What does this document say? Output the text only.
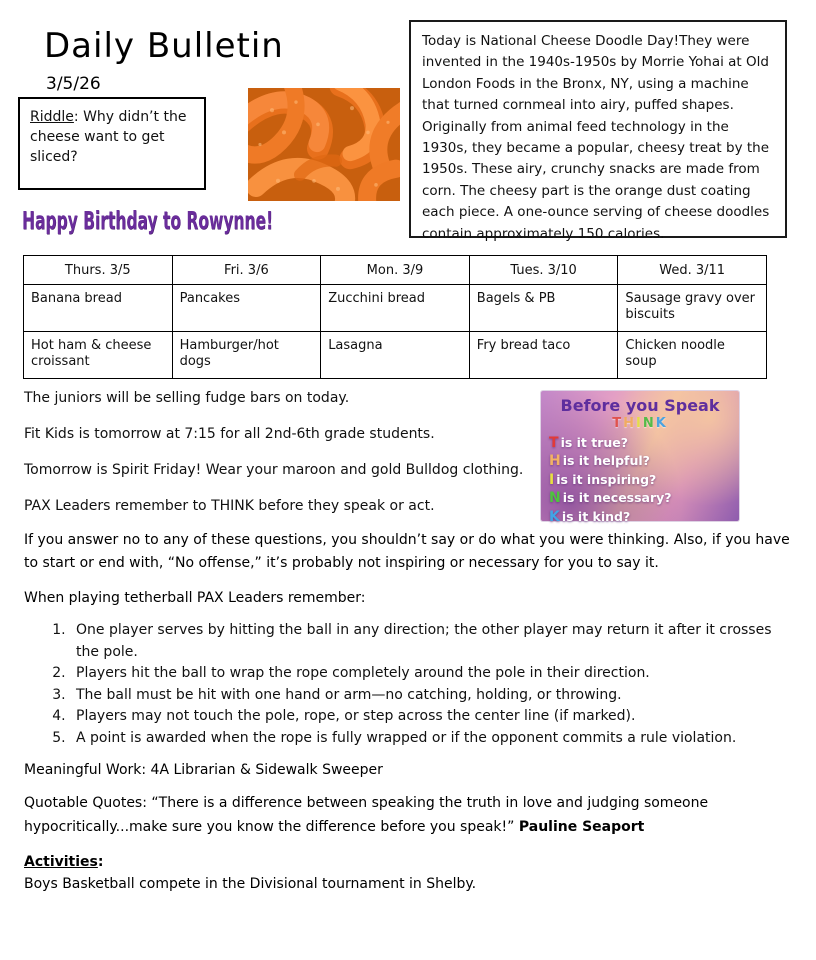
Daily Bulletin
3/5/26
Riddle: Why didn’t the cheese want to get sliced?
Today is National Cheese Doodle Day!They were invented in the 1940s-1950s by Morrie Yohai at Old London Foods in the Bronx, NY, using a machine that turned cornmeal into airy, puffed shapes. Originally from animal feed technology in the 1930s, they became a popular, cheesy treat by the 1950s. These airy, crunchy snacks are made from corn. The cheesy part is the orange dust coating each piece. A one-ounce serving of cheese doodles contain approximately 150 calories.
Happy Birthday to Rowynne!
Thurs. 3/5	Fri. 3/6	Mon. 3/9	Tues. 3/10	Wed. 3/11
Banana bread	Pancakes	Zucchini bread	Bagels & PB	Sausage gravy over biscuits
Hot ham & cheese croissant	Hamburger/hot dogs	Lasagna	Fry bread taco	Chicken noodle soup

The juniors will be selling fudge bars on today.

Fit Kids is tomorrow at 7:15 for all 2nd-6th grade students.

Tomorrow is Spirit Friday! Wear your maroon and gold Bulldog clothing.

PAX Leaders remember to THINK before they speak or act.

Before you Speak
THINK
T is it true?
H is it helpful?
I is it inspiring?
N is it necessary?
K is it kind?

If you answer no to any of these questions, you shouldn’t say or do what you were thinking. Also, if you have to start or end with, “No offense,” it’s probably not inspiring or necessary for you to say it.

When playing tetherball PAX Leaders remember:

1. One player serves by hitting the ball in any direction; the other player may return it after it crosses the pole.
2. Players hit the ball to wrap the rope completely around the pole in their direction.
3. The ball must be hit with one hand or arm—no catching, holding, or throwing.
4. Players may not touch the pole, rope, or step across the center line (if marked).
5. A point is awarded when the rope is fully wrapped or if the opponent commits a rule violation.

Meaningful Work: 4A Librarian & Sidewalk Sweeper

Quotable Quotes: “There is a difference between speaking the truth in love and judging someone hypocritically...make sure you know the difference before you speak!” Pauline Seaport

Activities:

Boys Basketball compete in the Divisional tournament in Shelby.
